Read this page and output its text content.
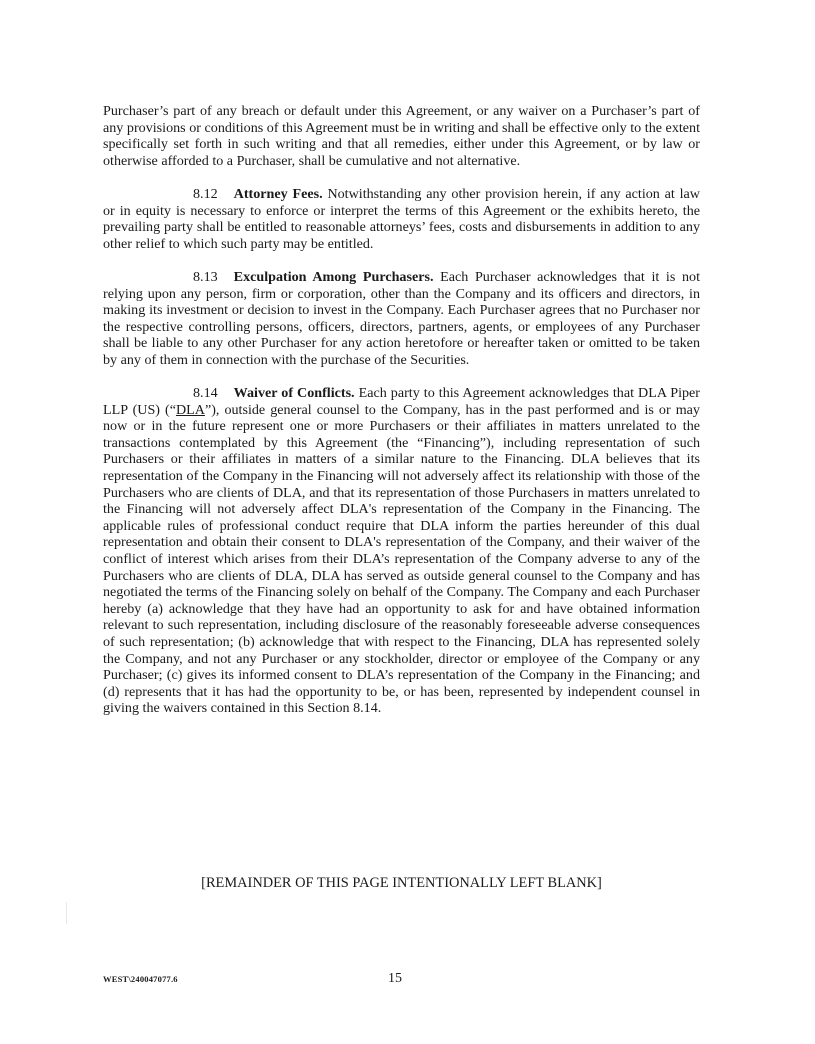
Purchaser’s part of any breach or default under this Agreement, or any waiver on a Purchaser’s part of any provisions or conditions of this Agreement must be in writing and shall be effective only to the extent specifically set forth in such writing and that all remedies, either under this Agreement, or by law or otherwise afforded to a Purchaser, shall be cumulative and not alternative.

8.12 Attorney Fees. Notwithstanding any other provision herein, if any action at law or in equity is necessary to enforce or interpret the terms of this Agreement or the exhibits hereto, the prevailing party shall be entitled to reasonable attorneys’ fees, costs and disbursements in addition to any other relief to which such party may be entitled.

8.13 Exculpation Among Purchasers. Each Purchaser acknowledges that it is not relying upon any person, firm or corporation, other than the Company and its officers and directors, in making its investment or decision to invest in the Company. Each Purchaser agrees that no Purchaser nor the respective controlling persons, officers, directors, partners, agents, or employees of any Purchaser shall be liable to any other Purchaser for any action heretofore or hereafter taken or omitted to be taken by any of them in connection with the purchase of the Securities.

8.14 Waiver of Conflicts. Each party to this Agreement acknowledges that DLA Piper LLP (US) (“DLA”), outside general counsel to the Company, has in the past performed and is or may now or in the future represent one or more Purchasers or their affiliates in matters unrelated to the transactions contemplated by this Agreement (the “Financing”), including representation of such Purchasers or their affiliates in matters of a similar nature to the Financing. DLA believes that its representation of the Company in the Financing will not adversely affect its relationship with those of the Purchasers who are clients of DLA, and that its representation of those Purchasers in matters unrelated to the Financing will not adversely affect DLA's representation of the Company in the Financing. The applicable rules of professional conduct require that DLA inform the parties hereunder of this dual representation and obtain their consent to DLA's representation of the Company, and their waiver of the conflict of interest which arises from their DLA’s representation of the Company adverse to any of the Purchasers who are clients of DLA, DLA has served as outside general counsel to the Company and has negotiated the terms of the Financing solely on behalf of the Company. The Company and each Purchaser hereby (a) acknowledge that they have had an opportunity to ask for and have obtained information relevant to such representation, including disclosure of the reasonably foreseeable adverse consequences of such representation; (b) acknowledge that with respect to the Financing, DLA has represented solely the Company, and not any Purchaser or any stockholder, director or employee of the Company or any Purchaser; (c) gives its informed consent to DLA’s representation of the Company in the Financing; and (d) represents that it has had the opportunity to be, or has been, represented by independent counsel in giving the waivers contained in this Section 8.14.

[REMAINDER OF THIS PAGE INTENTIONALLY LEFT BLANK]

WEST\240047077.6	15
